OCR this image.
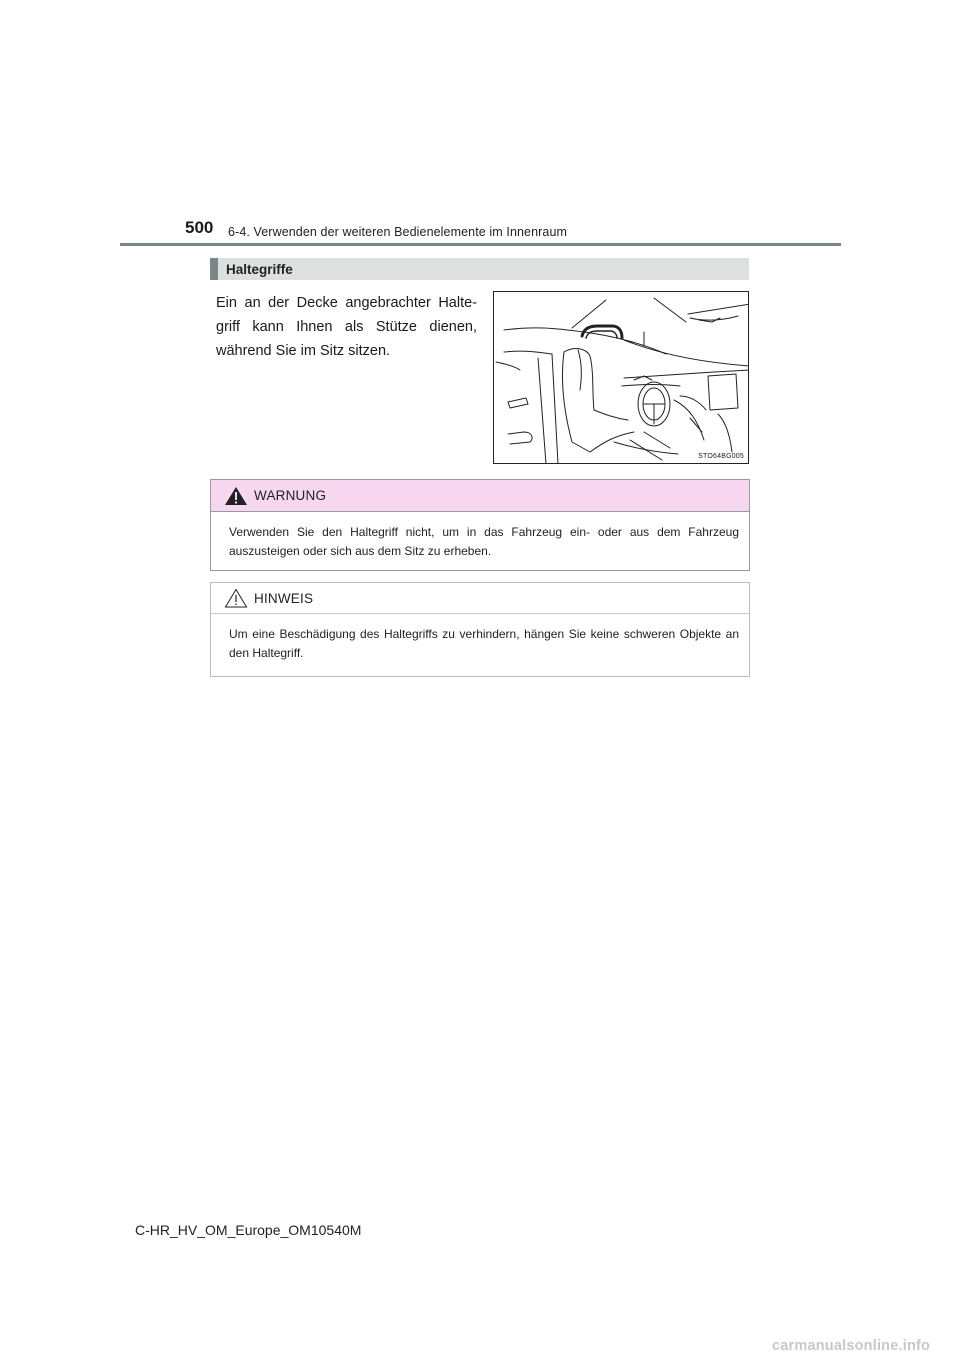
500 6-4. Verwenden der weiteren Bedienelemente im Innenraum
Haltegriffe
Ein an der Decke angebrachter Halte-griff kann Ihnen als Stütze dienen, während Sie im Sitz sitzen.
STO64BG005
WARNUNG
Verwenden Sie den Haltegriff nicht, um in das Fahrzeug ein- oder aus dem Fahrzeug auszusteigen oder sich aus dem Sitz zu erheben.
HINWEIS
Um eine Beschädigung des Haltegriffs zu verhindern, hängen Sie keine schweren Objekte an den Haltegriff.
C-HR_HV_OM_Europe_OM10540M
carmanualsonline.info
